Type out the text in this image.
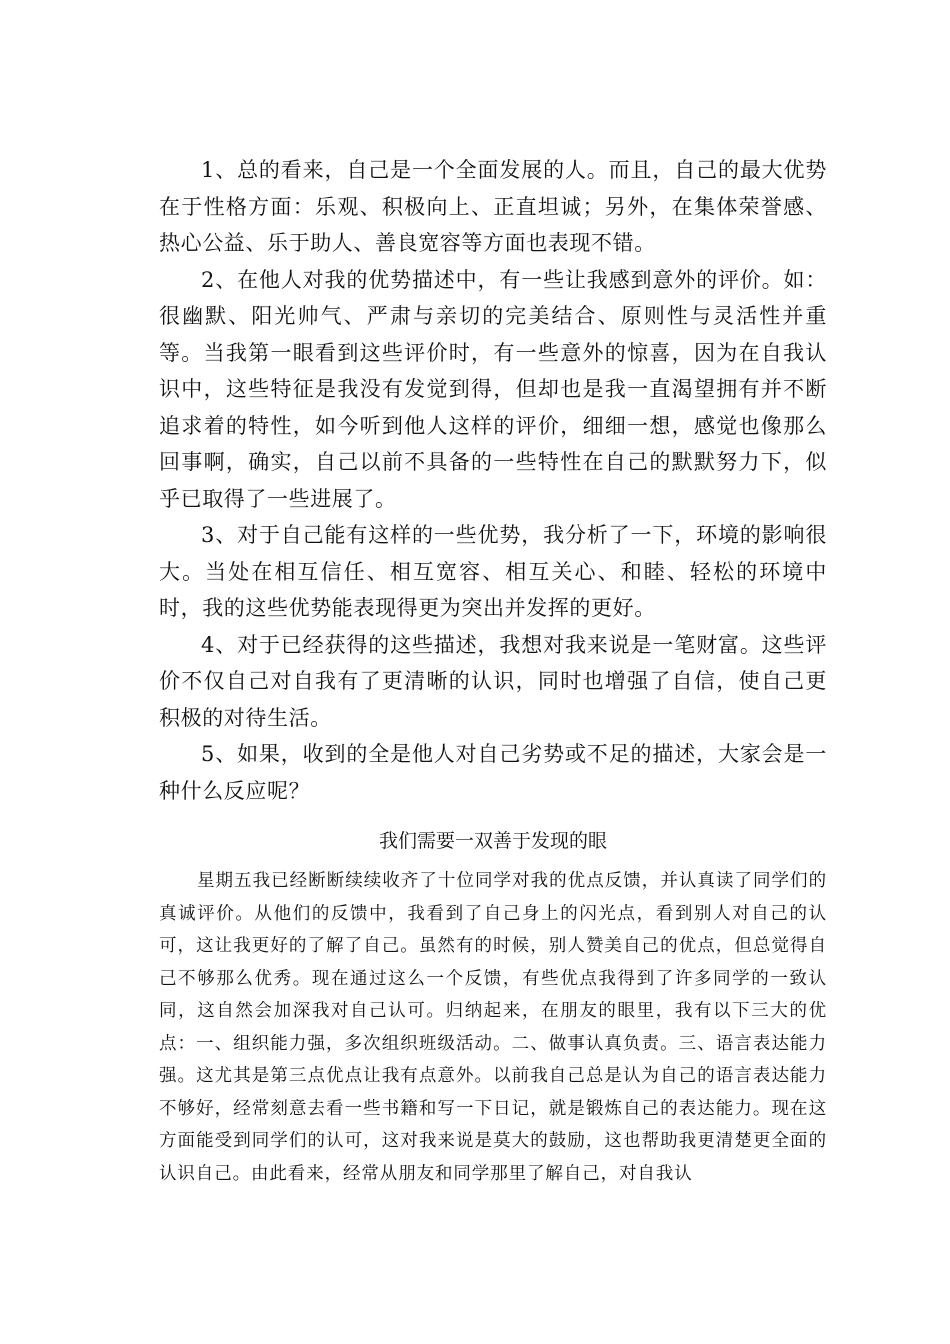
1、总的看来，自己是一个全面发展的人。而且，自己的最大优势在于性格方面：乐观、积极向上、正直坦诚；另外，在集体荣誉感、热心公益、乐于助人、善良宽容等方面也表现不错。

2、在他人对我的优势描述中，有一些让我感到意外的评价。如：很幽默、阳光帅气、严肃与亲切的完美结合、原则性与灵活性并重等。当我第一眼看到这些评价时，有一些意外的惊喜，因为在自我认识中，这些特征是我没有发觉到得，但却也是我一直渴望拥有并不断追求着的特性，如今听到他人这样的评价，细细一想，感觉也像那么回事啊，确实，自己以前不具备的一些特性在自己的默默努力下，似乎已取得了一些进展了。

3、对于自己能有这样的一些优势，我分析了一下，环境的影响很大。当处在相互信任、相互宽容、相互关心、和睦、轻松的环境中时，我的这些优势能表现得更为突出并发挥的更好。

4、对于已经获得的这些描述，我想对我来说是一笔财富。这些评价不仅自己对自我有了更清晰的认识，同时也增强了自信，使自己更积极的对待生活。

5、如果，收到的全是他人对自己劣势或不足的描述，大家会是一种什么反应呢？

我们需要一双善于发现的眼

星期五我已经断断续续收齐了十位同学对我的优点反馈，并认真读了同学们的真诚评价。从他们的反馈中，我看到了自己身上的闪光点，看到别人对自己的认可，这让我更好的了解了自己。虽然有的时候，别人赞美自己的优点，但总觉得自己不够那么优秀。现在通过这么一个反馈，有些优点我得到了许多同学的一致认同，这自然会加深我对自己认可。归纳起来，在朋友的眼里，我有以下三大的优点：一、组织能力强，多次组织班级活动。二、做事认真负责。三、语言表达能力强。这尤其是第三点优点让我有点意外。以前我自己总是认为自己的语言表达能力不够好，经常刻意去看一些书籍和写一下日记，就是锻炼自己的表达能力。现在这方面能受到同学们的认可，这对我来说是莫大的鼓励，这也帮助我更清楚更全面的认识自己。由此看来，经常从朋友和同学那里了解自己，对自我认
